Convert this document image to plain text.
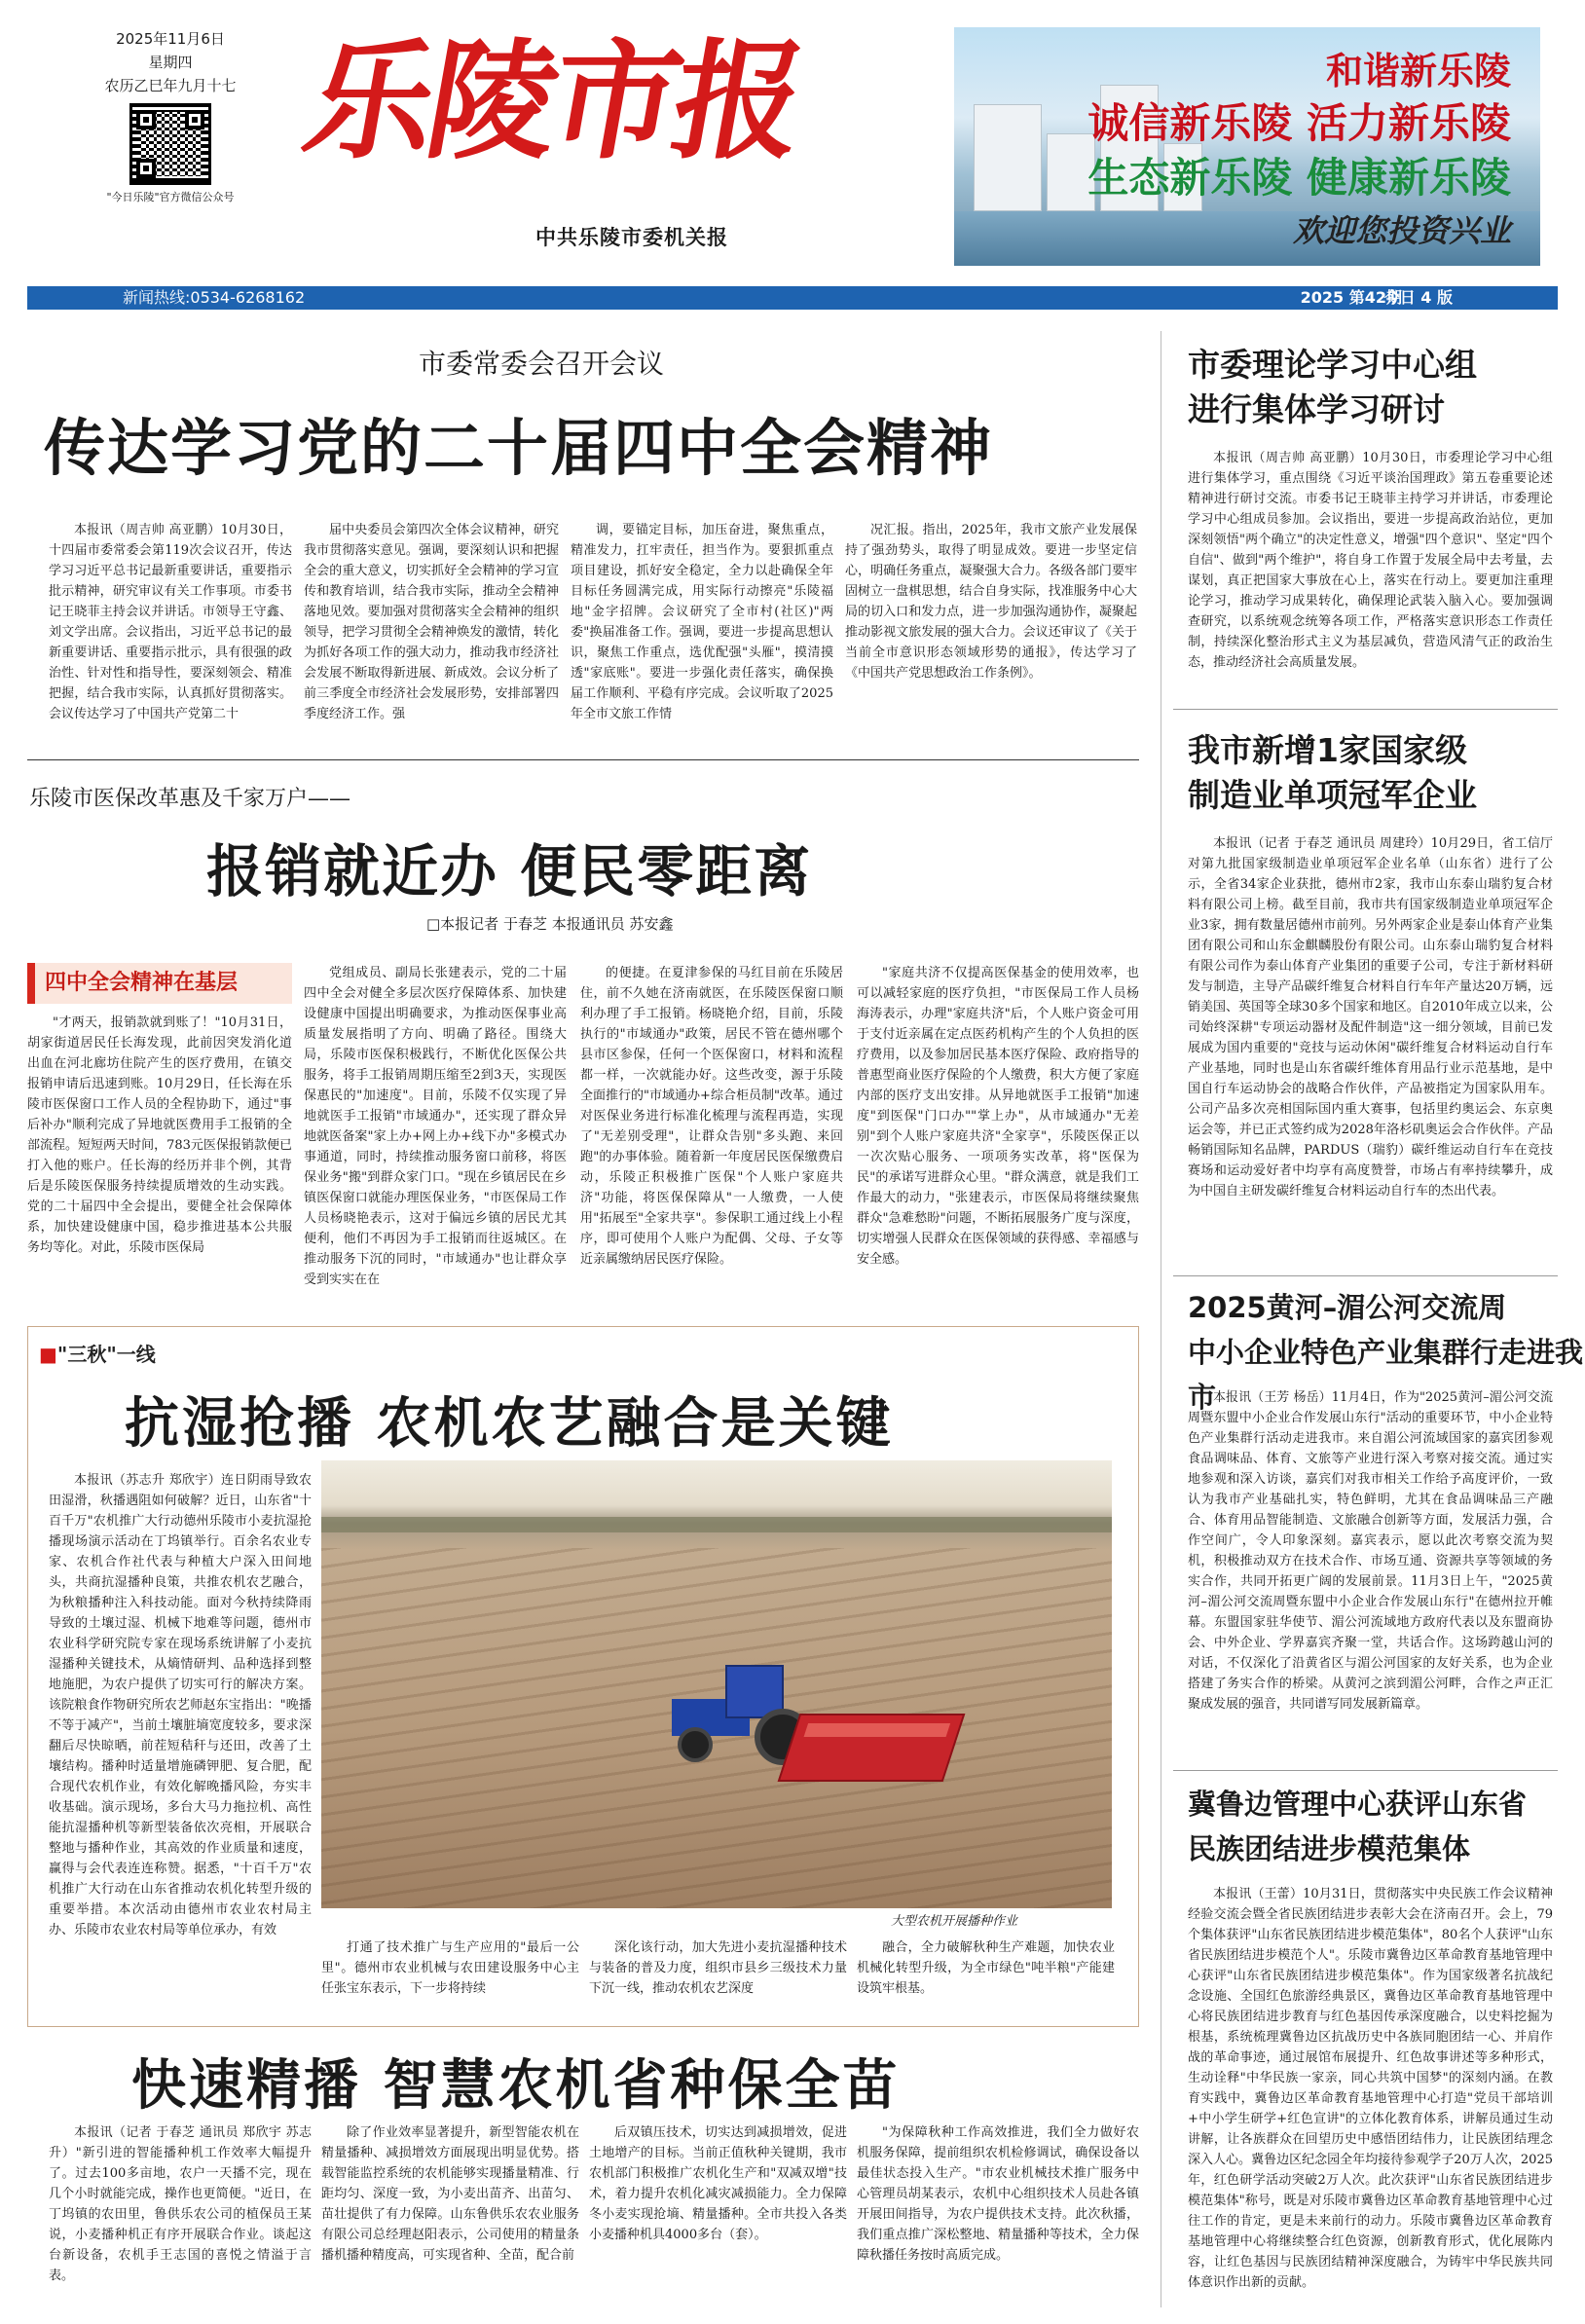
2025年11月6日
星期四
农历乙巳年九月十七
"今日乐陵"官方微信公众号
乐陵市报
中共乐陵市委机关报
和谐新乐陵
诚信新乐陵 活力新乐陵
生态新乐陵 健康新乐陵
欢迎您投资兴业
新闻热线:0534-6268162	2025 第42期
今日 4 版
市委常委会召开会议
传达学习党的二十届四中全会精神

本报讯（周吉帅 高亚鹏）10月30日，十四届市委常委会第119次会议召开，传达学习习近平总书记最新重要讲话，重要指示批示精神，研究审议有关工作事项。市委书记王晓菲主持会议并讲话。市领导王守鑫、刘文学出席。会议指出，习近平总书记的最新重要讲话、重要指示批示，具有很强的政治性、针对性和指导性，要深刻领会、精准把握，结合我市实际，认真抓好贯彻落实。会议传达学习了中国共产党第二十

届中央委员会第四次全体会议精神，研究我市贯彻落实意见。强调，要深刻认识和把握全会的重大意义，切实抓好全会精神的学习宣传和教育培训，结合我市实际，推动全会精神落地见效。要加强对贯彻落实全会精神的组织领导，把学习贯彻全会精神焕发的激情，转化为抓好各项工作的强大动力，推动我市经济社会发展不断取得新进展、新成效。会议分析了前三季度全市经济社会发展形势，安排部署四季度经济工作。强

调，要锚定目标，加压奋进，聚焦重点，精准发力，扛牢责任，担当作为。要狠抓重点项目建设，抓好安全稳定，全力以赴确保全年目标任务圆满完成，用实际行动擦亮"乐陵福地"金字招牌。会议研究了全市村(社区)"两委"换届准备工作。强调，要进一步提高思想认识，聚焦工作重点，选优配强"头雁"，摸清摸透"家底账"。要进一步强化责任落实，确保换届工作顺利、平稳有序完成。会议听取了2025年全市文旅工作情

况汇报。指出，2025年，我市文旅产业发展保持了强劲势头，取得了明显成效。要进一步坚定信心，明确任务重点，凝聚强大合力。各级各部门要牢固树立一盘棋思想，结合自身实际，找准服务中心大局的切入口和发力点，进一步加强沟通协作，凝聚起推动影视文旅发展的强大合力。会议还审议了《关于当前全市意识形态领域形势的通报》，传达学习了《中国共产党思想政治工作条例》。

乐陵市医保改革惠及千家万户——
报销就近办 便民零距离
□本报记者 于春芝 本报通讯员 苏安鑫
四中全会精神在基层

"才两天，报销款就到账了！"10月31日，胡家街道居民任长海发现，此前因突发消化道出血在河北廊坊住院产生的医疗费用，在镇交报销申请后迅速到账。10月29日，任长海在乐陵市医保窗口工作人员的全程协助下，通过"事后补办"顺利完成了异地就医费用手工报销的全部流程。短短两天时间，783元医保报销款便已打入他的账户。任长海的经历并非个例，其背后是乐陵医保服务持续提质增效的生动实践。党的二十届四中全会提出，要健全社会保障体系，加快建设健康中国，稳步推进基本公共服务均等化。对此，乐陵市医保局

党组成员、副局长张建表示，党的二十届四中全会对健全多层次医疗保障体系、加快建设健康中国提出明确要求，为推动医保事业高质量发展指明了方向、明确了路径。围绕大局，乐陵市医保积极践行，不断优化医保公共服务，将手工报销周期压缩至2到3天，实现医保惠民的"加速度"。目前，乐陵不仅实现了异地就医手工报销"市域通办"，还实现了群众异地就医备案"家上办+网上办+线下办"多模式办事通道，同时，持续推动服务窗口前移，将医保业务"搬"到群众家门口。"现在乡镇居民在乡镇医保窗口就能办理医保业务，"市医保局工作人员杨晓艳表示，这对于偏远乡镇的居民尤其便利，他们不再因为手工报销而往返城区。在推动服务下沉的同时，"市域通办"也让群众享受到实实在在

的便捷。在夏津参保的马红目前在乐陵居住，前不久她在济南就医，在乐陵医保窗口顺利办理了手工报销。杨晓艳介绍，目前，乐陵执行的"市域通办"政策，居民不管在德州哪个县市区参保，任何一个医保窗口，材料和流程都一样，一次就能办好。这些改变，源于乐陵全面推行的"市域通办+综合柜员制"改革。通过对医保业务进行标准化梳理与流程再造，实现了"无差别受理"，让群众告别"多头跑、来回跑"的办事体验。随着新一年度居民医保缴费启动，乐陵正积极推广医保"个人账户家庭共济"功能，将医保保障从"一人缴费，一人使用"拓展至"全家共享"。参保职工通过线上小程序，即可使用个人账户为配偶、父母、子女等近亲属缴纳居民医疗保险。

"家庭共济不仅提高医保基金的使用效率，也可以减轻家庭的医疗负担，"市医保局工作人员杨海涛表示，办理"家庭共济"后，个人账户资金可用于支付近亲属在定点医药机构产生的个人负担的医疗费用，以及参加居民基本医疗保险、政府指导的普惠型商业医疗保险的个人缴费，积大方便了家庭内部的医疗支出安排。从异地就医手工报销"加速度"到医保"门口办""掌上办"，从市域通办"无差别"到个人账户家庭共济"全家享"，乐陵医保正以一次次贴心服务、一项项务实改革，将"医保为民"的承诺写进群众心里。"群众满意，就是我们工作最大的动力，"张建表示，市医保局将继续聚焦群众"急难愁盼"问题，不断拓展服务广度与深度，切实增强人民群众在医保领域的获得感、幸福感与安全感。

■"三秋"一线
抗湿抢播 农机农艺融合是关键

本报讯（苏志升 郑欣宇）连日阴雨导致农田湿滑，秋播遇阻如何破解？近日，山东省"十百千万"农机推广大行动德州乐陵市小麦抗湿抢播现场演示活动在丁坞镇举行。百余名农业专家、农机合作社代表与种植大户深入田间地头，共商抗湿播种良策，共推农机农艺融合，为秋粮播种注入科技动能。面对今秋持续降雨导致的土壤过湿、机械下地难等问题，德州市农业科学研究院专家在现场系统讲解了小麦抗湿播种关键技术，从熵情研判、品种选择到整地施肥，为农户提供了切实可行的解决方案。该院粮食作物研究所农艺师赵东宝指出："晚播不等于减产"，当前土壤脏墒宽度较多，要求深翻后尽快晾晒，前茬短秸秆与还田，改善了土壤结构。播种时适量增施磷钾肥、复合肥，配合现代农机作业，有效化解晚播风险，夯实丰收基础。演示现场，多台大马力拖拉机、高性能抗湿播种机等新型装备依次亮相，开展联合整地与播种作业，其高效的作业质量和速度，赢得与会代表连连称赞。据悉，"十百千万"农机推广大行动在山东省推动农机化转型升级的重要举措。本次活动由德州市农业农村局主办、乐陵市农业农村局等单位承办，有效

大型农机开展播种作业

打通了技术推广与生产应用的"最后一公里"。德州市农业机械与农田建设服务中心主任张宝东表示，下一步将持续

深化该行动，加大先进小麦抗湿播种技术与装备的普及力度，组织市县乡三级技术力量下沉一线，推动农机农艺深度

融合，全力破解秋种生产难题，加快农业机械化转型升级，为全市绿色"吨半粮"产能建设筑牢根基。

快速精播 智慧农机省种保全苗

本报讯（记者 于春芝 通讯员 郑欣宇 苏志升）"新引进的智能播种机工作效率大幅提升了。过去100多亩地，农户一天播不完，现在几个小时就能完成，操作也更简便。"近日，在丁坞镇的农田里，鲁供乐农公司的植保员王某说，小麦播种机正有序开展联合作业。谈起这台新设备，农机手王志国的喜悦之情溢于言表。

除了作业效率显著提升，新型智能农机在精量播种、减损增效方面展现出明显优势。搭载智能监控系统的农机能够实现播量精准、行距均匀、深度一致，为小麦出苗齐、出苗匀、苗壮提供了有力保障。山东鲁供乐农农业服务有限公司总经理赵阳表示，公司使用的精量条播机播种精度高，可实现省种、全苗，配合前

后双镇压技术，切实达到减损增效，促进土地增产的目标。当前正值秋种关键期，我市农机部门积极推广农机化生产和"双减双增"技术，着力提升农机化减灾减损能力。全力保障冬小麦实现抢墒、精量播种。全市共投入各类小麦播种机具4000多台（套）。

"为保障秋种工作高效推进，我们全力做好农机服务保障，提前组织农机检修调试，确保设备以最佳状态投入生产。"市农业机械技术推广服务中心管理员胡某表示，农机中心组织技术人员赴各镇开展田间指导，为农户提供技术支持。此次秋播，我们重点推广深松整地、精量播种等技术，全力保障秋播任务按时高质完成。

市委理论学习中心组
进行集体学习研讨

本报讯（周吉帅 高亚鹏）10月30日，市委理论学习中心组进行集体学习，重点围绕《习近平谈治国理政》第五卷重要论述精神进行研讨交流。市委书记王晓菲主持学习并讲话，市委理论学习中心组成员参加。会议指出，要进一步提高政治站位，更加深刻领悟"两个确立"的决定性意义，增强"四个意识"、坚定"四个自信"、做到"两个维护"，将自身工作置于发展全局中去考量，去谋划，真正把国家大事放在心上，落实在行动上。要更加注重理论学习，推动学习成果转化，确保理论武装入脑入心。要加强调查研究，以系统观念统筹各项工作，严格落实意识形态工作责任制，持续深化整治形式主义为基层减负，营造风清气正的政治生态，推动经济社会高质量发展。

我市新增1家国家级
制造业单项冠军企业

本报讯（记者 于春芝 通讯员 周建玲）10月29日，省工信厅对第九批国家级制造业单项冠军企业名单（山东省）进行了公示，全省34家企业获批，德州市2家，我市山东泰山瑞豹复合材料有限公司上榜。截至目前，我市共有国家级制造业单项冠军企业3家，拥有数量居德州市前列。另外两家企业是泰山体育产业集团有限公司和山东金麒麟股份有限公司。山东泰山瑞豹复合材料有限公司作为泰山体育产业集团的重要子公司，专注于新材料研发与制造，主导产品碳纤维复合材料自行车年产量达20万辆，远销美国、英国等全球30多个国家和地区。自2010年成立以来，公司始终深耕"专项运动器材及配件制造"这一细分领域，目前已发展成为国内重要的"竞技与运动休闲"碳纤维复合材料运动自行车产业基地，同时也是山东省碳纤维体育用品行业示范基地，是中国自行车运动协会的战略合作伙伴，产品被指定为国家队用车。公司产品多次亮相国际国内重大赛事，包括里约奥运会、东京奥运会等，并已正式签约成为2028年洛杉矶奥运会合作伙伴。产品畅销国际知名品牌，PARDUS（瑞豹）碳纤维运动自行车在竞技赛场和运动爱好者中均享有高度赞誉，市场占有率持续攀升，成为中国自主研发碳纤维复合材料运动自行车的杰出代表。

2025黄河–湄公河交流周
中小企业特色产业集群行走进我市

本报讯（王芳 杨岳）11月4日，作为"2025黄河–湄公河交流周暨东盟中小企业合作发展山东行"活动的重要环节，中小企业特色产业集群行活动走进我市。来自湄公河流域国家的嘉宾团参观食品调味品、体育、文旅等产业进行深入考察对接交流。通过实地参观和深入访谈，嘉宾们对我市相关工作给予高度评价，一致认为我市产业基础扎实，特色鲜明，尤其在食品调味品三产融合、体育用品智能制造、文旅融合创新等方面，发展活力强，合作空间广，令人印象深刻。嘉宾表示，愿以此次考察交流为契机，积极推动双方在技术合作、市场互通、资源共享等领域的务实合作，共同开拓更广阔的发展前景。11月3日上午，"2025黄河–湄公河交流周暨东盟中小企业合作发展山东行"在德州拉开帷幕。东盟国家驻华使节、湄公河流域地方政府代表以及东盟商协会、中外企业、学界嘉宾齐聚一堂，共话合作。这场跨越山河的对话，不仅深化了沿黄省区与湄公河国家的友好关系，也为企业搭建了务实合作的桥梁。从黄河之滨到湄公河畔，合作之声正汇聚成发展的强音，共同谱写同发展新篇章。

冀鲁边管理中心获评山东省
民族团结进步模范集体

本报讯（王蕾）10月31日，贯彻落实中央民族工作会议精神经验交流会暨全省民族团结进步表彰大会在济南召开。会上，79个集体获评"山东省民族团结进步模范集体"，80名个人获评"山东省民族团结进步模范个人"。乐陵市冀鲁边区革命教育基地管理中心获评"山东省民族团结进步模范集体"。作为国家级著名抗战纪念设施、全国红色旅游经典景区，冀鲁边区革命教育基地管理中心将民族团结进步教育与红色基因传承深度融合，以史料挖掘为根基，系统梳理冀鲁边区抗战历史中各族同胞团结一心、并肩作战的革命事迹，通过展馆布展提升、红色故事讲述等多种形式，生动诠释"中华民族一家亲，同心共筑中国梦"的深刻内涵。在教育实践中，冀鲁边区革命教育基地管理中心打造"党员干部培训+中小学生研学+红色宣讲"的立体化教育体系，讲解员通过生动讲解，让各族群众在回望历史中感悟团结伟力，让民族团结理念深入人心。冀鲁边区纪念园全年均接待参观学子20万人次，2025年，红色研学活动突破2万人次。此次获评"山东省民族团结进步模范集体"称号，既是对乐陵市冀鲁边区革命教育基地管理中心过往工作的肯定，更是未来前行的动力。乐陵市冀鲁边区革命教育基地管理中心将继续整合红色资源，创新教育形式，优化展陈内容，让红色基因与民族团结精神深度融合，为铸牢中华民族共同体意识作出新的贡献。
